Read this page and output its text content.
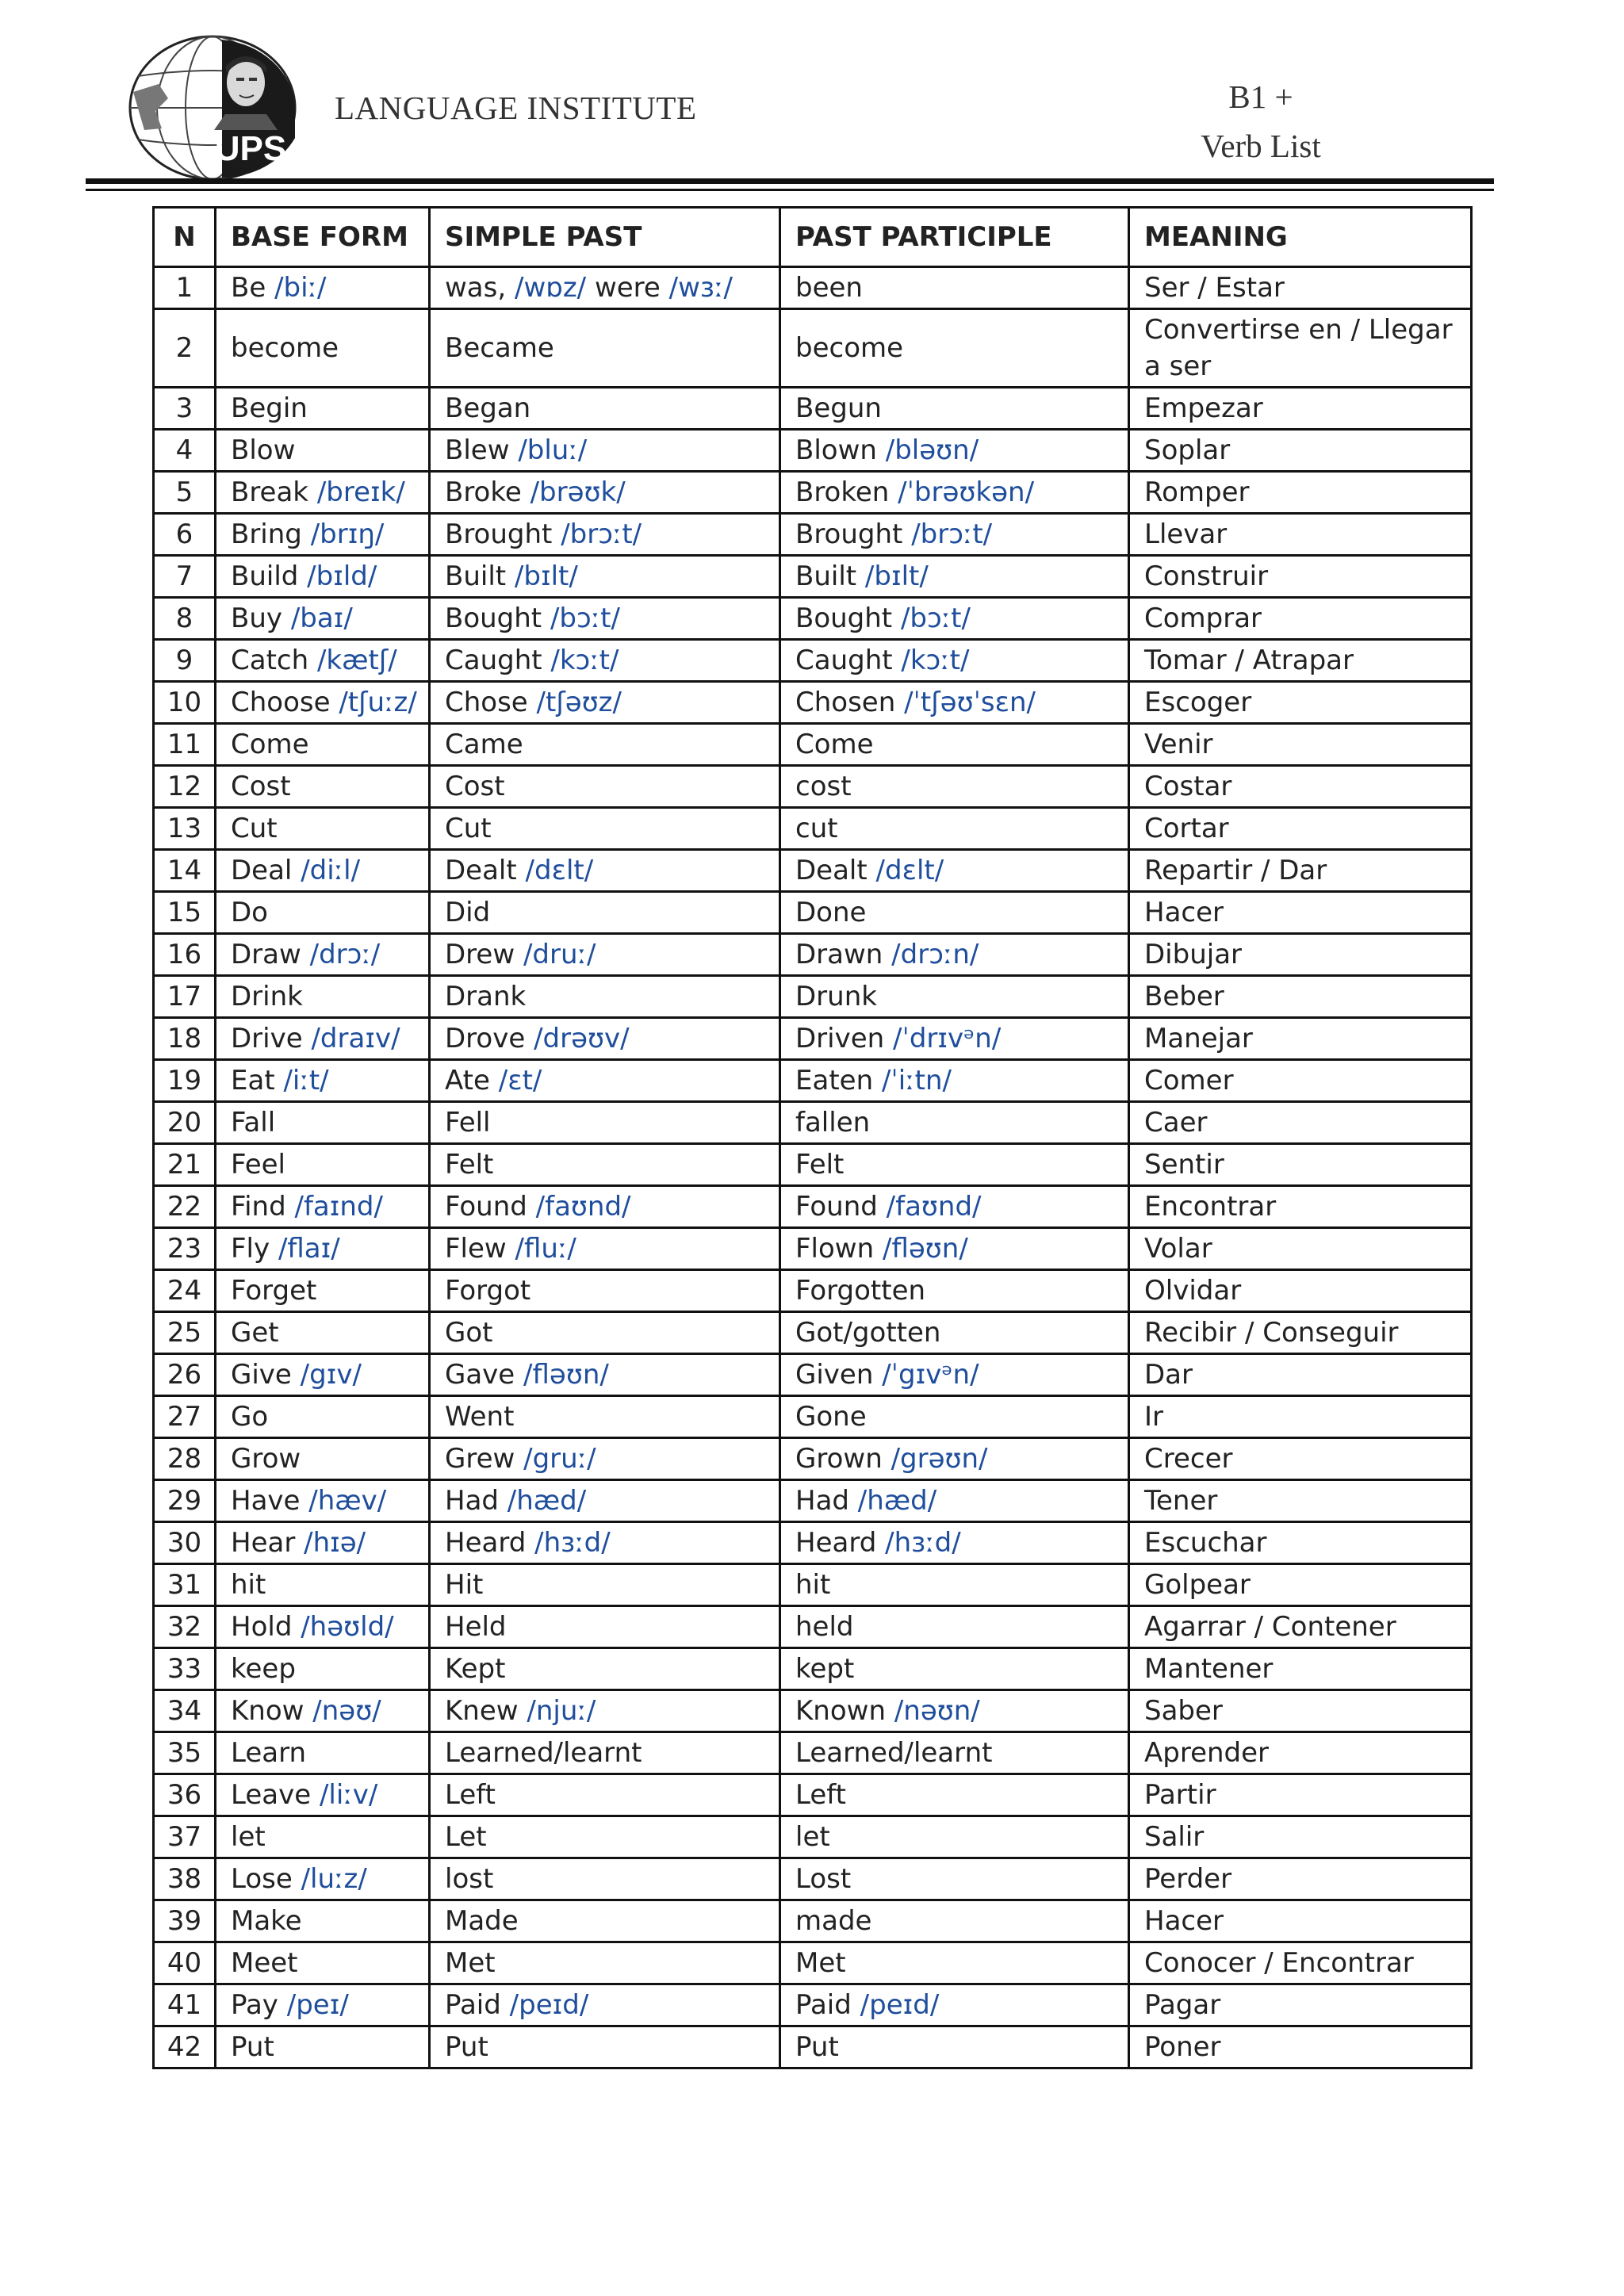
UPS
LANGUAGE INSTITUTE	B1 +
Verb List
N	BASE FORM	SIMPLE PAST	PAST PARTICIPLE	MEANING
1	Be /biː/	was, /wɒz/ were /wɜː/	been	Ser / Estar
2	become	Became	become	Convertirse en / Llegar a ser
3	Begin	Began	Begun	Empezar
4	Blow	Blew /bluː/	Blown /bləʊn/	Soplar
5	Break /breɪk/	Broke /brəʊk/	Broken /ˈbrəʊkən/	Romper
6	Bring /brɪŋ/	Brought /brɔːt/	Brought /brɔːt/	Llevar
7	Build /bɪld/	Built /bɪlt/	Built /bɪlt/	Construir
8	Buy /baɪ/	Bought /bɔːt/	Bought /bɔːt/	Comprar
9	Catch /kætʃ/	Caught /kɔːt/	Caught /kɔːt/	Tomar / Atrapar
10	Choose /tʃuːz/	Chose /tʃəʊz/	Chosen /ˈtʃəʊˈsɛn/	Escoger
11	Come	Came	Come	Venir
12	Cost	Cost	cost	Costar
13	Cut	Cut	cut	Cortar
14	Deal /diːl/	Dealt /dɛlt/	Dealt /dɛlt/	Repartir / Dar
15	Do	Did	Done	Hacer
16	Draw /drɔː/	Drew /druː/	Drawn /drɔːn/	Dibujar
17	Drink	Drank	Drunk	Beber
18	Drive /draɪv/	Drove /drəʊv/	Driven /ˈdrɪvᵊn/	Manejar
19	Eat /iːt/	Ate /ɛt/	Eaten /ˈiːtn/	Comer
20	Fall	Fell	fallen	Caer
21	Feel	Felt	Felt	Sentir
22	Find /faɪnd/	Found /faʊnd/	Found /faʊnd/	Encontrar
23	Fly /flaɪ/	Flew /fluː/	Flown /fləʊn/	Volar
24	Forget	Forgot	Forgotten	Olvidar
25	Get	Got	Got/gotten	Recibir / Conseguir
26	Give /gɪv/	Gave /fləʊn/	Given /ˈgɪvᵊn/	Dar
27	Go	Went	Gone	Ir
28	Grow	Grew /gruː/	Grown /grəʊn/	Crecer
29	Have /hæv/	Had /hæd/	Had /hæd/	Tener
30	Hear /hɪə/	Heard /hɜːd/	Heard /hɜːd/	Escuchar
31	hit	Hit	hit	Golpear
32	Hold /həʊld/	Held	held	Agarrar / Contener
33	keep	Kept	kept	Mantener
34	Know /nəʊ/	Knew /njuː/	Known /nəʊn/	Saber
35	Learn	Learned/learnt	Learned/learnt	Aprender
36	Leave /liːv/	Left	Left	Partir
37	let	Let	let	Salir
38	Lose /luːz/	lost	Lost	Perder
39	Make	Made	made	Hacer
40	Meet	Met	Met	Conocer / Encontrar
41	Pay /peɪ/	Paid /peɪd/	Paid /peɪd/	Pagar
42	Put	Put	Put	Poner
